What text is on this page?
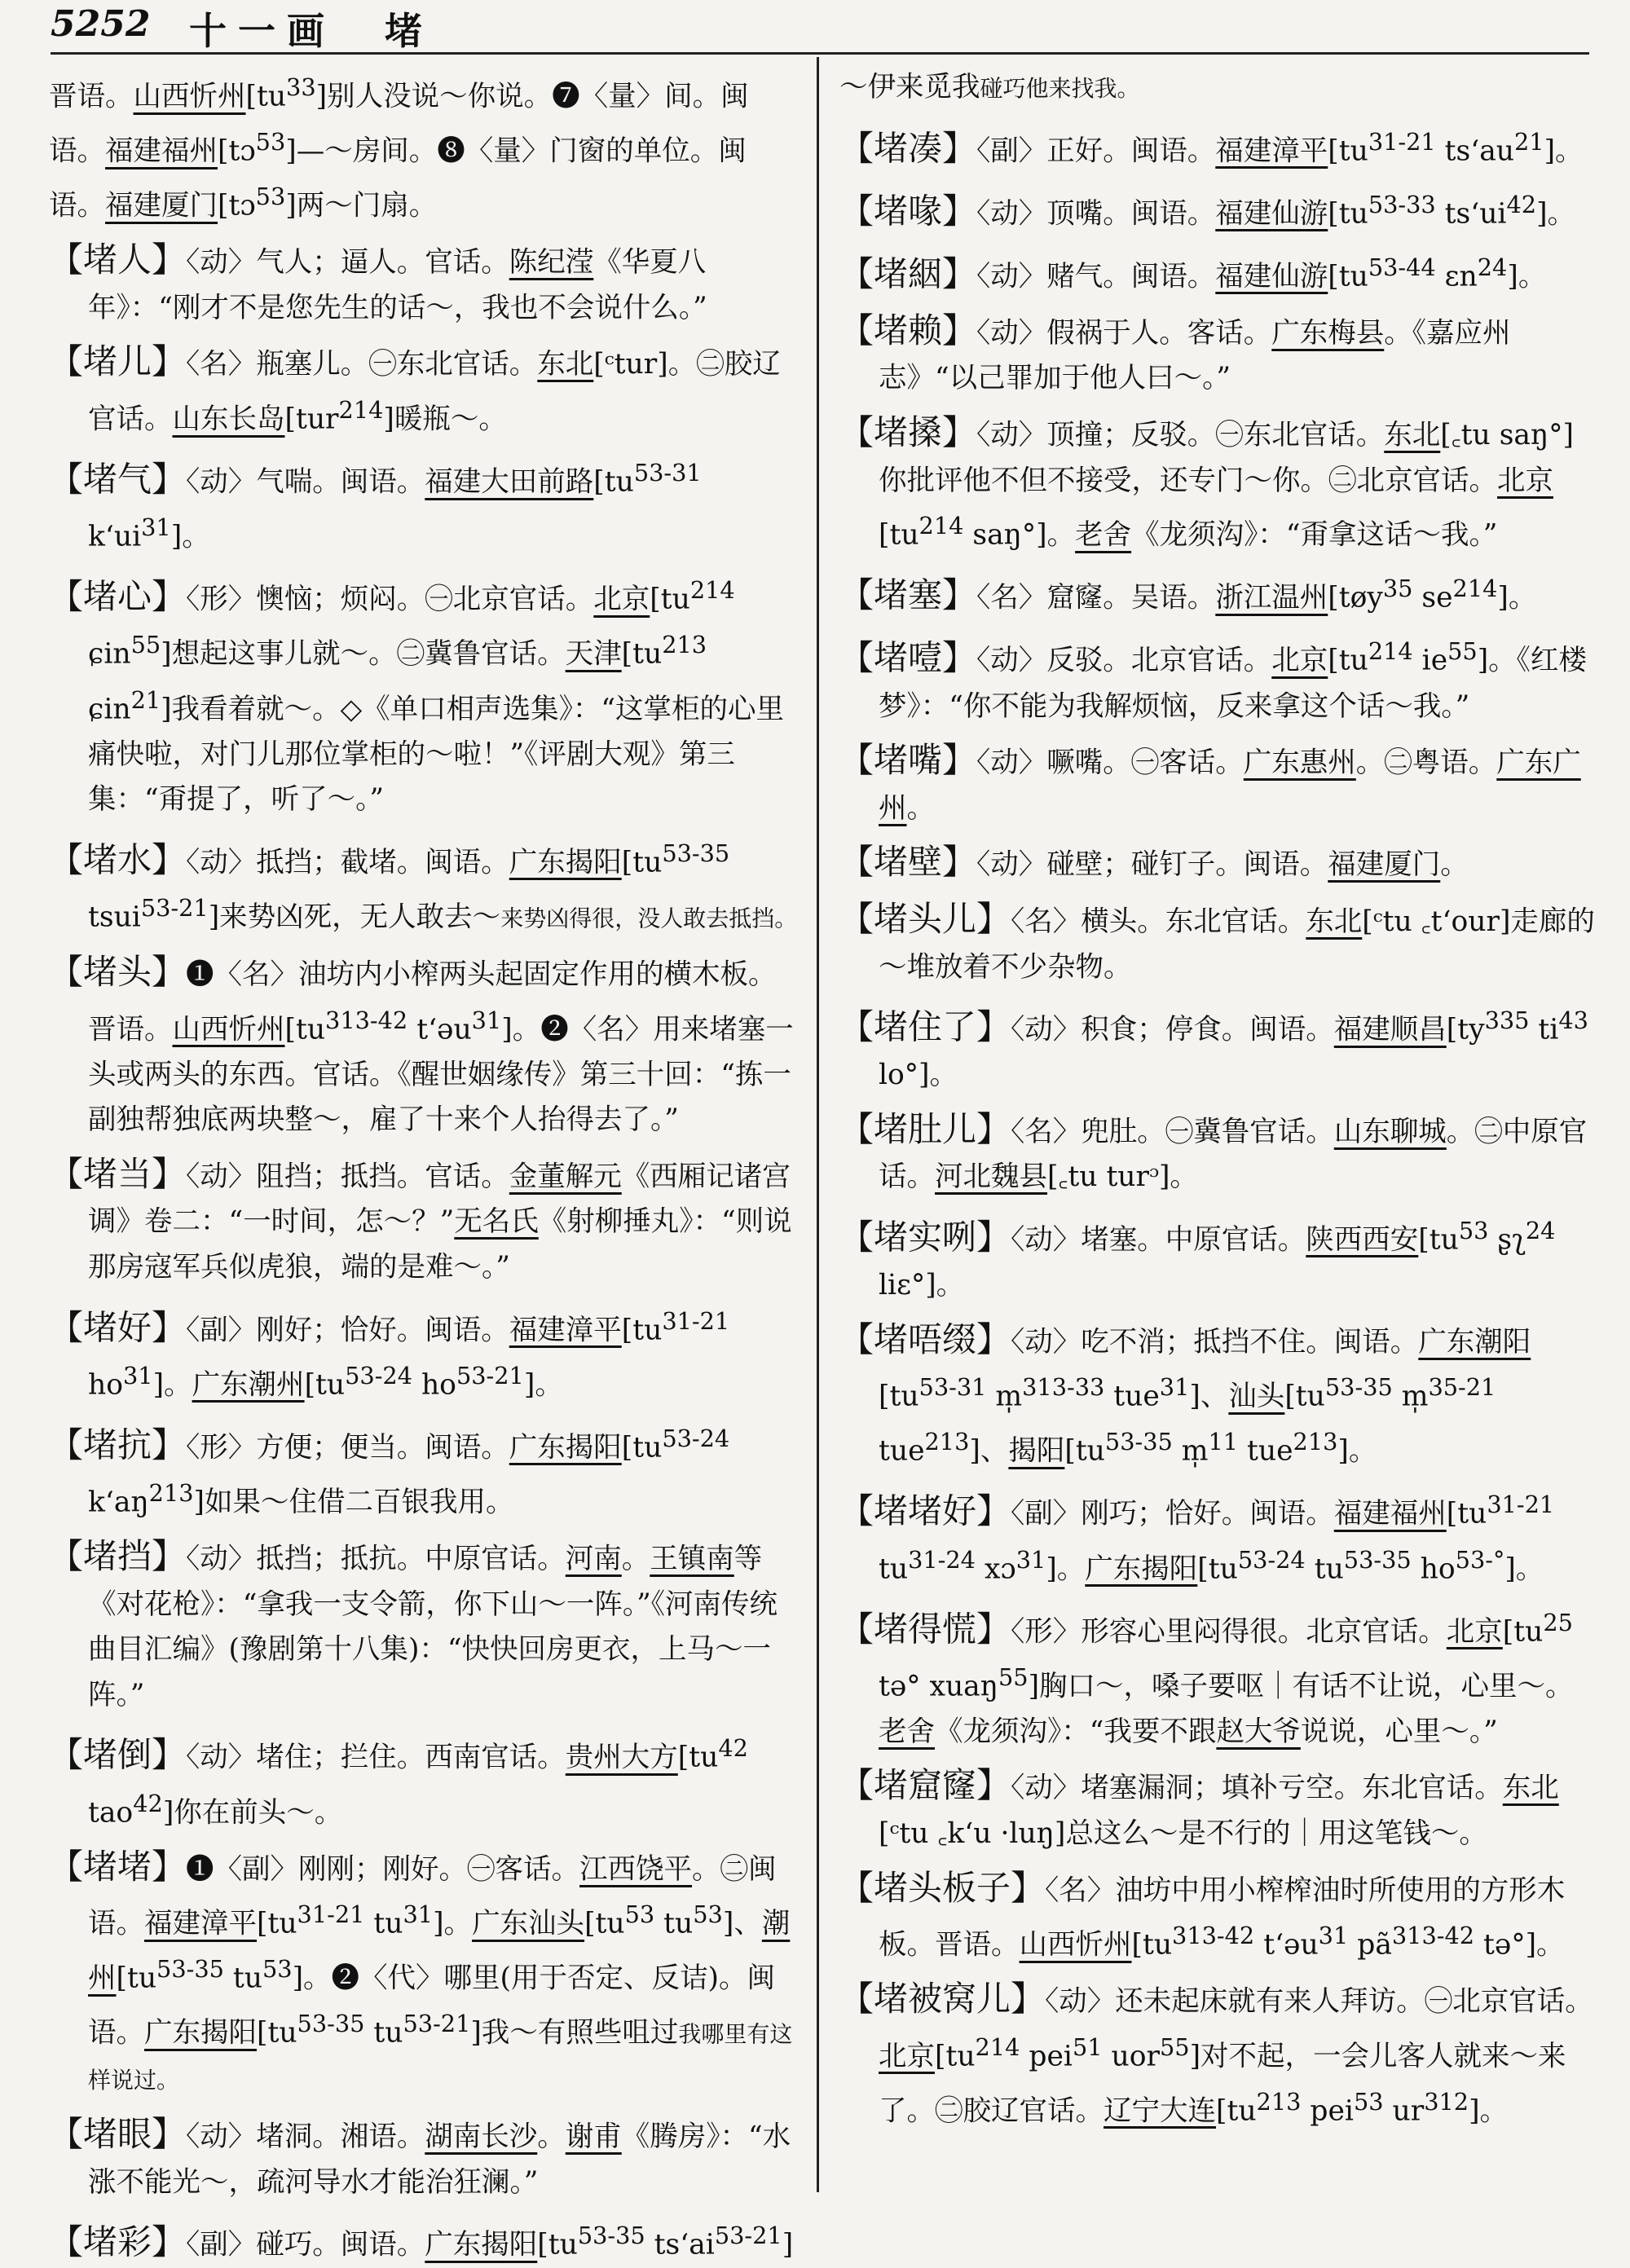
5252 十一画　堵

晋语。山西忻州$[tu^{33}]$别人没说～你说。❼〈量〉间。闽语。福建福州[tɔ$^{53}$]—～房间。❽〈量〉门窗的单位。闽语。福建厦门[tɔ$^{53}$]两～门扇。

【堵人】〈动〉气人；逼人。官话。陈纪滢《华夏八年》：“刚才不是您先生的话～，我也不会说什么。”

【堵儿】〈名〉瓶塞儿。㊀东北官话。东北[ᶜtur]。㊁胶辽官话。山东长岛[tur$^{214}$]暖瓶～。

【堵气】〈动〉气喘。闽语。福建大田前路[$tu^{53-31}$ $k‘ui^{31}$]。

【堵心】〈形〉懊恼；烦闷。㊀北京官话。北京[$tu^{214}$ ɕin$^{55}$]想起这事儿就～。㊁冀鲁官话。天津[$tu^{213}$ ɕin$^{21}$]我看着就～。◇《单口相声选集》：“这掌柜的心里痛快啦，对门儿那位掌柜的～啦！”《评剧大观》第三集：“甭提了，听了～。”

【堵水】〈动〉抵挡；截堵。闽语。广东揭阳[$tu^{53-35}$ tsui$^{53-21}$]来势凶死，无人敢去～来势凶得很，没人敢去抵挡。

【堵头】❶〈名〉油坊内小榨两头起固定作用的横木板。晋语。山西忻州[$tu^{313-42}$ t‘əu$^{31}$]。❷〈名〉用来堵塞一头或两头的东西。官话。《醒世姻缘传》第三十回：“拣一副独帮独底两块整～，雇了十来个人抬得去了。”

【堵当】〈动〉阻挡；抵挡。官话。金董解元《西厢记诸宫调》卷二：“一时间，怎～？”无名氏《射柳捶丸》：“则说那房寇军兵似虎狼，端的是难～。”

【堵好】〈副〉刚好；恰好。闽语。福建漳平[$tu^{31-21}$ $ho^{31}$]。广东潮州[$tu^{53-24}$ $ho^{53-21}$]。

【堵抗】〈形〉方便；便当。闽语。广东揭阳[$tu^{53-24}$ $k‘aŋ^{213}$]如果～住借二百银我用。

【堵挡】〈动〉抵挡；抵抗。中原官话。河南。王镇南等《对花枪》：“拿我一支令箭，你下山～一阵。”《河南传统曲目汇编》(豫剧第十八集)：“快快回房更衣，上马～一阵。”

【堵倒】〈动〉堵住；拦住。西南官话。贵州大方[$tu^{42}$ tao$^{42}$]你在前头～。

【堵堵】❶〈副〉刚刚；刚好。㊀客话。江西饶平。㊁闽语。福建漳平[$tu^{31-21}$ $tu^{31}$]。广东汕头[$tu^{53}$ $tu^{53}$]、潮州[$tu^{53-35}$ $tu^{53}$]。❷〈代〉哪里(用于否定、反诘)。闽语。广东揭阳[$tu^{53-35}$ $tu^{53-21}$]我～有照些咀过我哪里有这样说过。

【堵眼】〈动〉堵洞。湘语。湖南长沙。谢甫《腾房》：“水涨不能光～，疏河导水才能治狂澜。”

【堵彩】〈副〉碰巧。闽语。广东揭阳[$tu^{53-35}$ $ts‘ai^{53-21}$]

～伊来觅我碰巧他来找我。

【堵凑】〈副〉正好。闽语。福建漳平[$tu^{31-21}$ $ts‘au^{21}$]。

【堵喙】〈动〉顶嘴。闽语。福建仙游[$tu^{53-33}$ $ts‘ui^{42}$]。

【堵絪】〈动〉赌气。闽语。福建仙游[$tu^{53-44}$ ɛn$^{24}$]。

【堵赖】〈动〉假祸于人。客话。广东梅县。《嘉应州志》“以己罪加于他人曰～。”

【堵搡】〈动〉顶撞；反驳。㊀东北官话。东北[꜀tu saŋ°]你批评他不但不接受，还专门～你。㊁北京官话。北京[$tu^{214}$ saŋ°]。老舍《龙须沟》：“甭拿这话～我。”

【堵塞】〈名〉窟窿。吴语。浙江温州[tøy$^{35}$ $se^{214}$]。

【堵噎】〈动〉反驳。北京官话。北京[$tu^{214}$ $ie^{55}$]。《红楼梦》：“你不能为我解烦恼，反来拿这个话～我。”

【堵嘴】〈动〉噘嘴。㊀客话。广东惠州。㊁粤语。广东广州。

【堵壁】〈动〉碰壁；碰钉子。闽语。福建厦门。

【堵头儿】〈名〉横头。东北官话。东北[ᶜtu ꜀t‘our]走廊的～堆放着不少杂物。

【堵住了】〈动〉积食；停食。闽语。福建顺昌[$ty^{335}$ $ti^{43}$ lo°]。

【堵肚儿】〈名〉兜肚。㊀冀鲁官话。山东聊城。㊁中原官话。河北魏县[꜀tu turᵓ]。

【堵实咧】〈动〉堵塞。中原官话。陕西西安[$tu^{53}$ ʂʅ$^{24}$ liɛ°]。

【堵唔缀】〈动〉吃不消；抵挡不住。闽语。广东潮阳[$tu^{53-31}$ m̩$^{313-33}$ tue$^{31}$]、汕头[$tu^{53-35}$ m̩$^{35-21}$ tue$^{213}$]、揭阳[$tu^{53-35}$ m̩$^{11}$ tue$^{213}$]。

【堵堵好】〈副〉刚巧；恰好。闽语。福建福州[$tu^{31-21}$ $tu^{31-24}$ xɔ$^{31}$]。广东揭阳[$tu^{53-24}$ $tu^{53-35}$ $ho^{53-^\circ}$]。

【堵得慌】〈形〉形容心里闷得很。北京官话。北京[$tu^{25}$ tə° xuaŋ$^{55}$]胸口～，嗓子要呕｜有话不让说，心里～。老舍《龙须沟》：“我要不跟赵大爷说说，心里～。”

【堵窟窿】〈动〉堵塞漏洞；填补亏空。东北官话。东北[ᶜtu ꜀k‘u ·luŋ]总这么～是不行的｜用这笔钱～。

【堵头板子】〈名〉油坊中用小榨榨油时所使用的方形木板。晋语。山西忻州[$tu^{313-42}$ t‘əu$^{31}$ $pã^{313-42}$ tə°]。

【堵被窝儿】〈动〉还未起床就有来人拜访。㊀北京官话。北京[$tu^{214}$ pei$^{51}$ uor$^{55}$]对不起，一会儿客人就来～来了。㊁胶辽官话。辽宁大连[$tu^{213}$ pei$^{53}$ $ur^{312}$]。
